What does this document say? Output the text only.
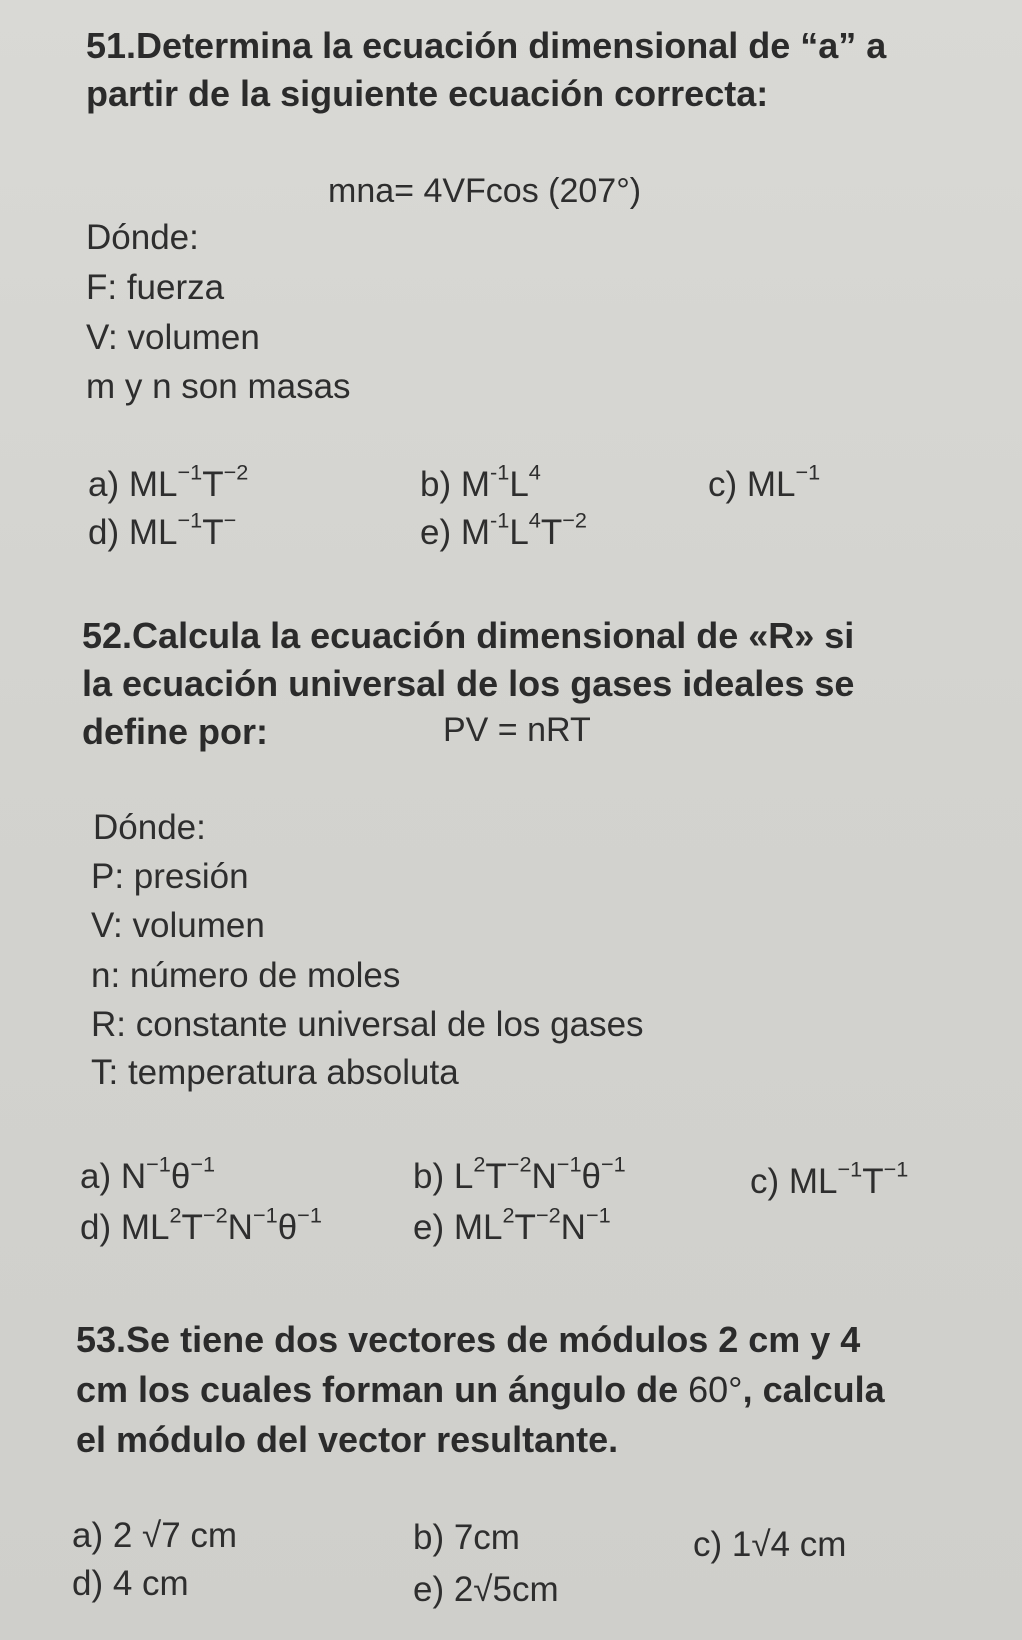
51.Determina la ecuación dimensional de “a” a
partir de la siguiente ecuación correcta:
mna= 4VFcos (207°)
Dónde:
F: fuerza
V: volumen
m y n son masas
a) $ML^{-1}T^{-2}$	b) $M^{-1}L^4$	c) $ML^{-1}$
d) $ML^{-1}T^-$	e) $M^{-1}L^4T^{-2}$
52.Calcula la ecuación dimensional de «R» si
la ecuación universal de los gases ideales se
define por:	PV = nRT
Dónde:
P: presión
V: volumen
n: número de moles
R: constante universal de los gases
T: temperatura absoluta
a) $N^{-1}\theta^{-1}$	b) $L^2T^{-2}N^{-1}\theta^{-1}$	c) $ML^{-1}T^{-1}$
d) $ML^2T^{-2}N^{-1}\theta^{-1}$	e) $ML^2T^{-2}N^{-1}$
53.Se tiene dos vectores de módulos 2 cm y 4
cm los cuales forman un ángulo de 60°, calcula
el módulo del vector resultante.
a) 2 √7 cm	b) 7cm	c) 1√4 cm
d) 4 cm	e) 2√5cm
